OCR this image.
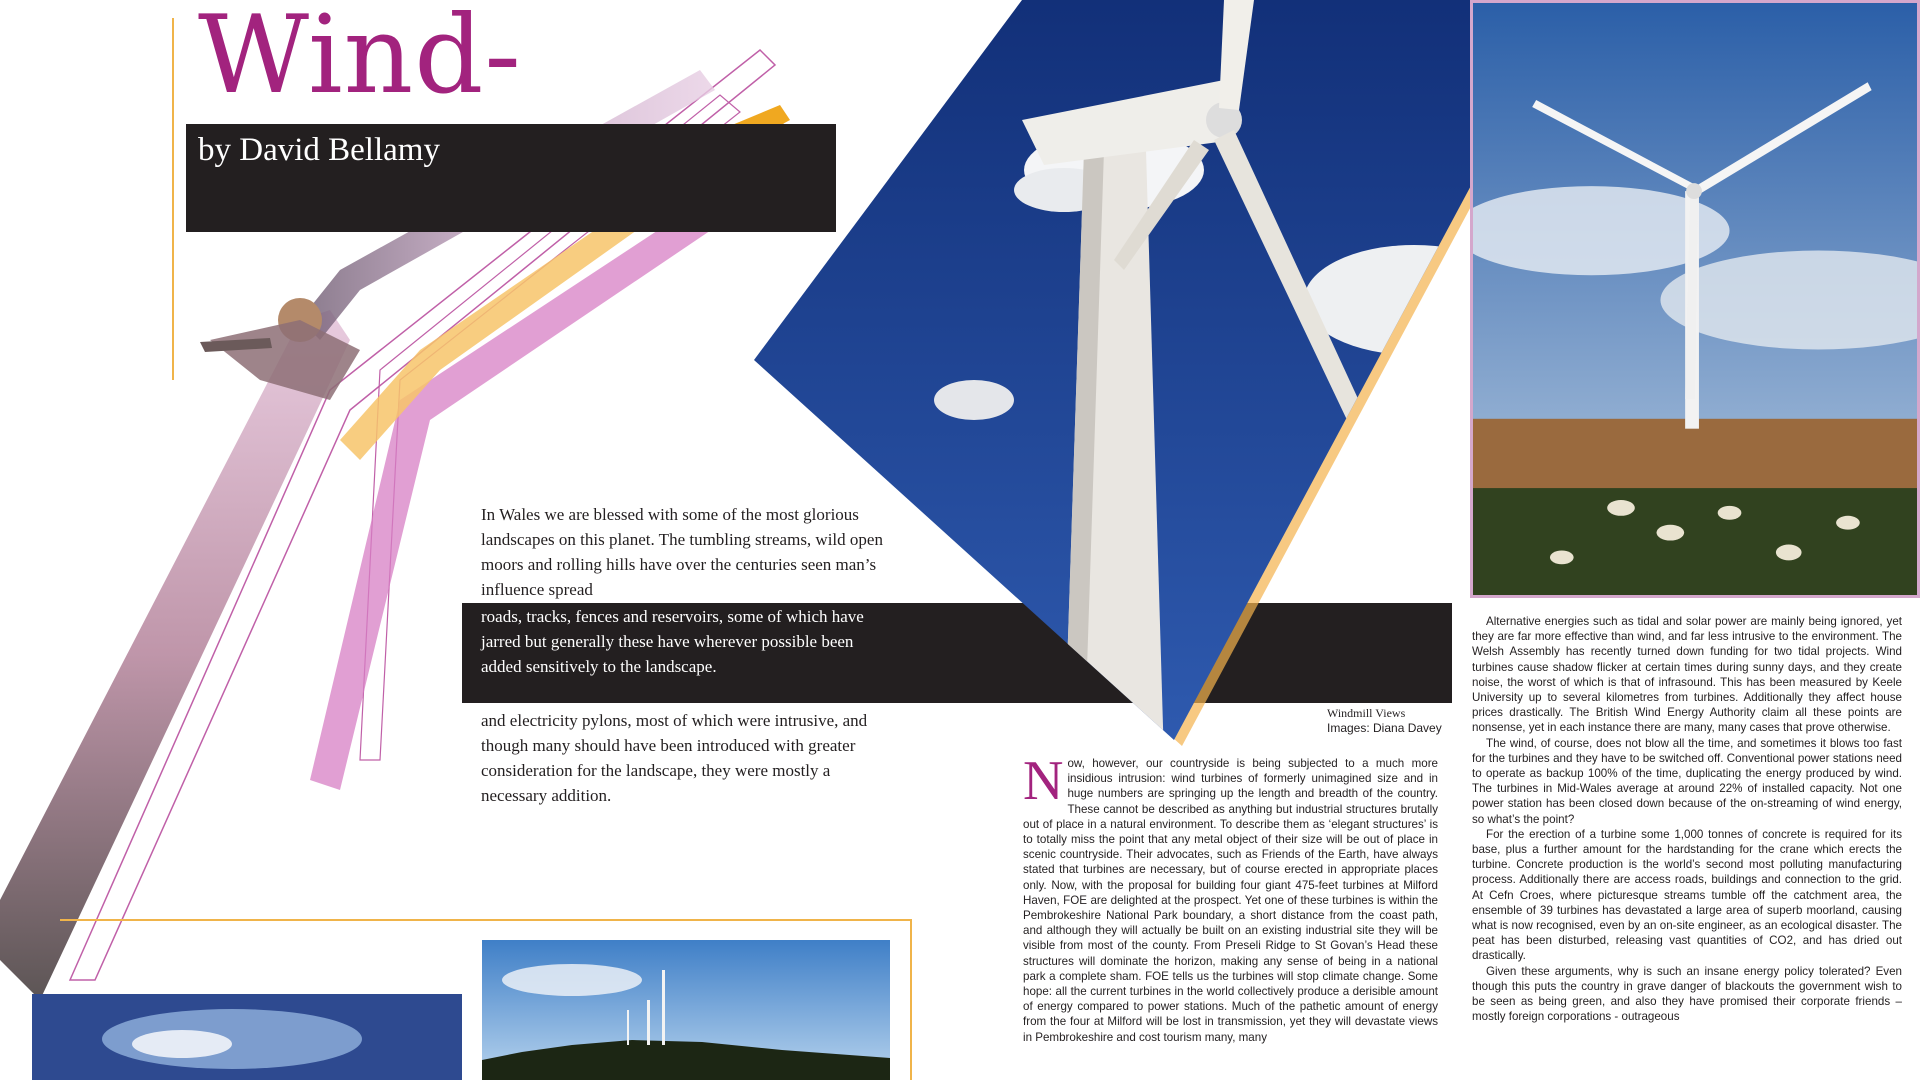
Wind-
by David Bellamy
In Wales we are blessed with some of the most glorious
landscapes on this planet. The tumbling streams, wild open
moors and rolling hills have over the centuries seen man’s
influence spread
roads, tracks, fences and reservoirs, some of which have
jarred but generally these have wherever possible been
added sensitively to the landscape.
and electricity pylons, most of which were intrusive, and
though many should have been introduced with greater
consideration for the landscape, they were mostly a
necessary addition.
Windmill Views
Images: Diana Davey
N ow, however, our countryside is being subjected to a much more insidious intrusion: wind turbines of formerly unimagined size and in huge numbers are springing up the length and breadth of the country. These cannot be described as anything but industrial structures brutally out of place in a natural environment. To describe them as ‘elegant structures’ is to totally miss the point that any metal object of their size will be out of place in scenic countryside. Their advocates, such as Friends of the Earth, have always stated that turbines are necessary, but of course erected in appropriate places only. Now, with the proposal for building four giant 475-feet turbines at Milford Haven, FOE are delighted at the prospect. Yet one of these turbines is within the Pembrokeshire National Park boundary, a short distance from the coast path, and although they will actually be built on an existing industrial site they will be visible from most of the county. From Preseli Ridge to St Govan’s Head these structures will dominate the horizon, making any sense of being in a national park a complete sham. FOE tells us the turbines will stop climate change. Some hope: all the current turbines in the world collectively produce a derisible amount of energy compared to power stations. Much of the pathetic amount of energy from the four at Milford will be lost in transmission, yet they will devastate views in Pembrokeshire and cost tourism many, many

Alternative energies such as tidal and solar power are mainly being ignored, yet they are far more effective than wind, and far less intrusive to the environment. The Welsh Assembly has recently turned down funding for two tidal projects. Wind turbines cause shadow flicker at certain times during sunny days, and they create noise, the worst of which is that of infrasound. This has been measured by Keele University up to several kilometres from turbines. Additionally they affect house prices drastically. The British Wind Energy Authority claim all these points are nonsense, yet in each instance there are many, many cases that prove otherwise.

The wind, of course, does not blow all the time, and sometimes it blows too fast for the turbines and they have to be switched off. Conventional power stations need to operate as backup 100% of the time, duplicating the energy produced by wind. The turbines in Mid-Wales average at around 22% of installed capacity. Not one power station has been closed down because of the on-streaming of wind energy, so what’s the point?

For the erection of a turbine some 1,000 tonnes of concrete is required for its base, plus a further amount for the hardstanding for the crane which erects the turbine. Concrete production is the world’s second most polluting manufacturing process. Additionally there are access roads, buildings and connection to the grid. At Cefn Croes, where picturesque streams tumble off the catchment area, the ensemble of 39 turbines has devastated a large area of superb moorland, causing what is now recognised, even by an on-site engineer, as an ecological disaster. The peat has been disturbed, releasing vast quantities of CO2, and has dried out drastically.

Given these arguments, why is such an insane energy policy tolerated? Even though this puts the country in grave danger of blackouts the government wish to be seen as being green, and also they have promised their corporate friends – mostly foreign corporations - outrageous
